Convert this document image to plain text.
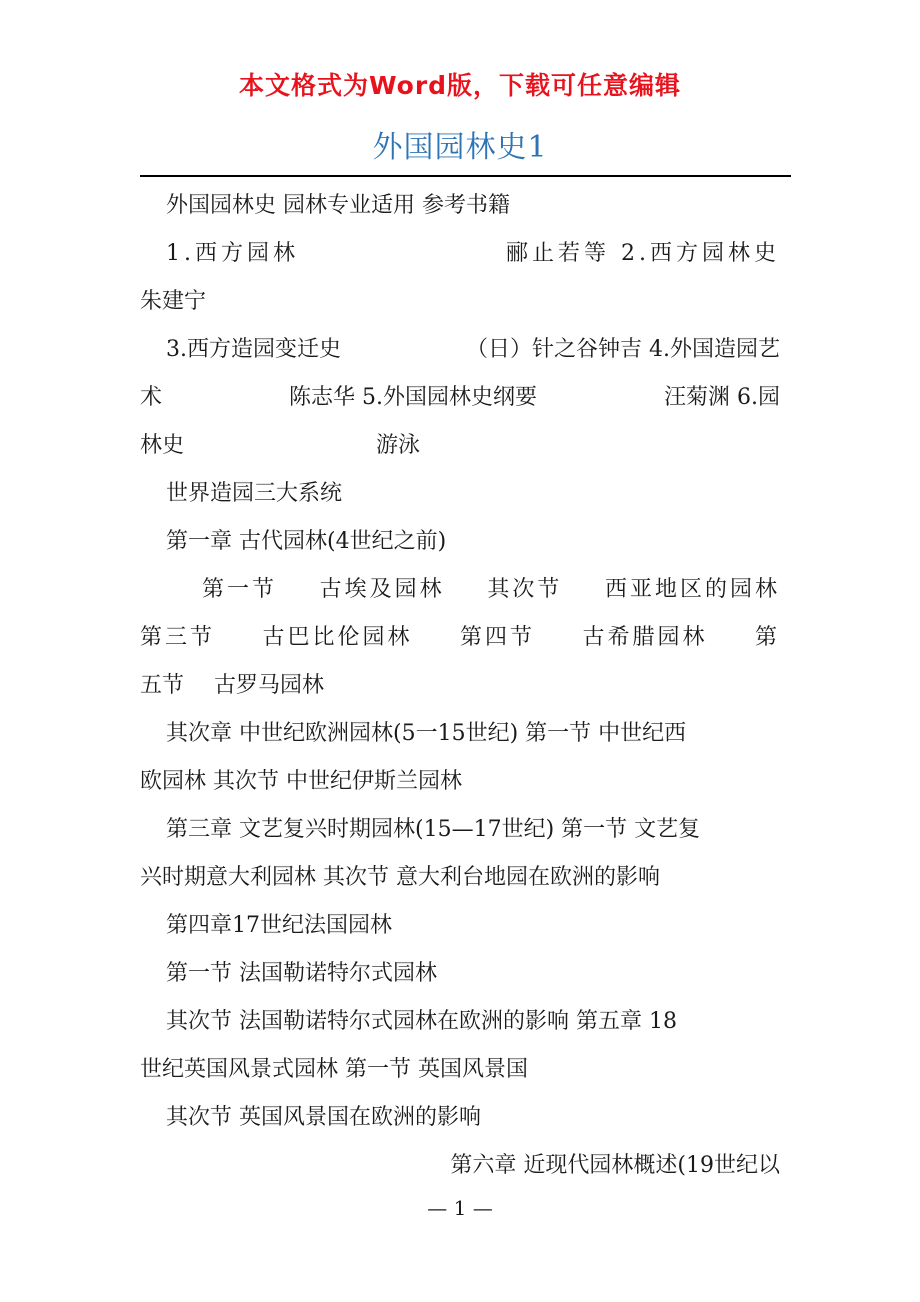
本文格式为Word版，下载可任意编辑
外国园林史1
外国园林史 园林专业适用 参考书籍
1.西方园林	郦止若等 2.西方园林史
朱建宁
3.西方造园变迁史	（日）针之谷钟吉 4.外国造园艺
术	陈志华 5.外国园林史纲要	汪菊渊 6.园
林史	游泳
世界造园三大系统
第一章 古代园林(4世纪之前)
第一节 古埃及园林 其次节 西亚地区的园林
第三节 古巴比伦园林 第四节 古希腊园林 第
五节 古罗马园林
其次章 中世纪欧洲园林(5一15世纪) 第一节 中世纪西
欧园林 其次节 中世纪伊斯兰园林
第三章 文艺复兴时期园林(15—17世纪) 第一节 文艺复
兴时期意大利园林 其次节 意大利台地园在欧洲的影响
第四章17世纪法国园林
第一节 法国勒诺特尔式园林
其次节 法国勒诺特尔式园林在欧洲的影响 第五章 18
世纪英国风景式园林 第一节 英国风景国
其次节 英国风景国在欧洲的影响
第六章 近现代园林概述(19世纪以
— 1 —
